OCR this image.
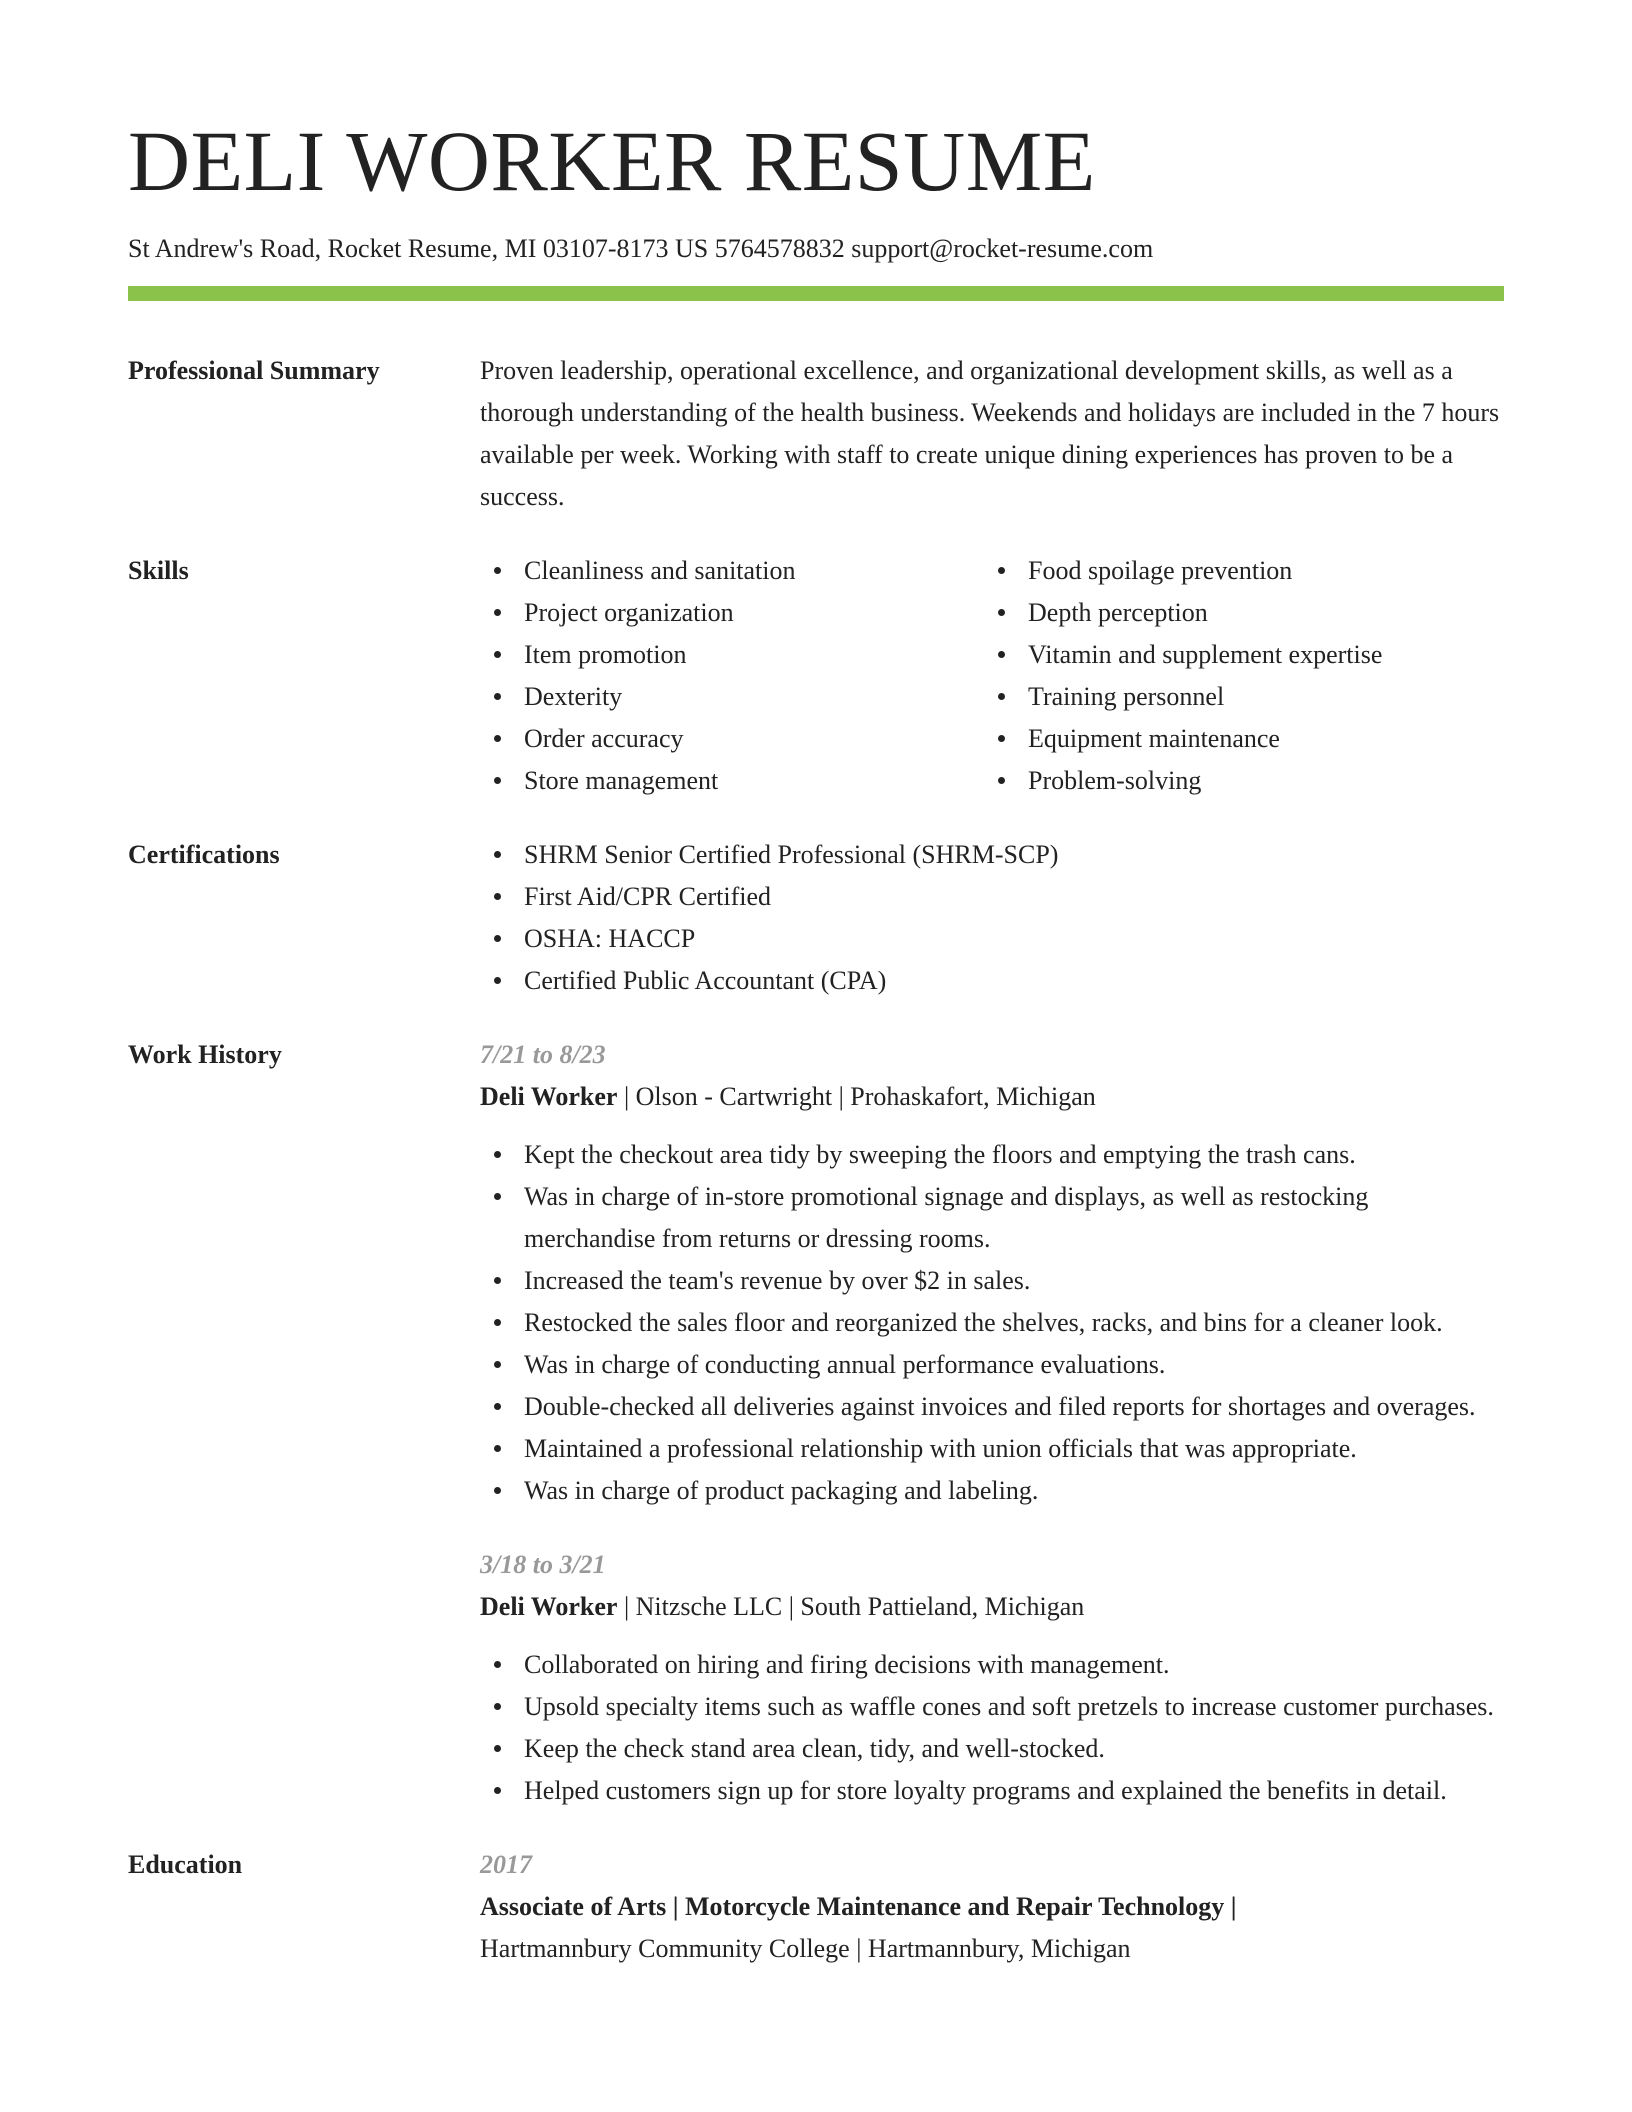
DELI WORKER RESUME
St Andrew's Road, Rocket Resume, MI 03107-8173 US 5764578832 support@rocket-resume.com
Professional Summary	Proven leadership, operational excellence, and organizational development skills, as well as a thorough understanding of the health business. Weekends and holidays are included in the 7 hours available per week. Working with staff to create unique dining experiences has proven to be a success.
Skills	Cleanliness and sanitation
Project organization
Item promotion
Dexterity
Order accuracy
Store management
Food spoilage prevention
Depth perception
Vitamin and supplement expertise
Training personnel
Equipment maintenance
Problem-solving
Certifications	SHRM Senior Certified Professional (SHRM-SCP)
First Aid/CPR Certified
OSHA: HACCP
Certified Public Accountant (CPA)
Work History	7/21 to 8/23
Deli Worker | Olson - Cartwright | Prohaskafort, Michigan
Kept the checkout area tidy by sweeping the floors and emptying the trash cans.
Was in charge of in-store promotional signage and displays, as well as restocking merchandise from returns or dressing rooms.
Increased the team's revenue by over $2 in sales.
Restocked the sales floor and reorganized the shelves, racks, and bins for a cleaner look.
Was in charge of conducting annual performance evaluations.
Double-checked all deliveries against invoices and filed reports for shortages and overages.
Maintained a professional relationship with union officials that was appropriate.
Was in charge of product packaging and labeling.
3/18 to 3/21
Deli Worker | Nitzsche LLC | South Pattieland, Michigan
Collaborated on hiring and firing decisions with management.
Upsold specialty items such as waffle cones and soft pretzels to increase customer purchases.
Keep the check stand area clean, tidy, and well-stocked.
Helped customers sign up for store loyalty programs and explained the benefits in detail.
Education	2017
Associate of Arts | Motorcycle Maintenance and Repair Technology |
Hartmannbury Community College | Hartmannbury, Michigan
